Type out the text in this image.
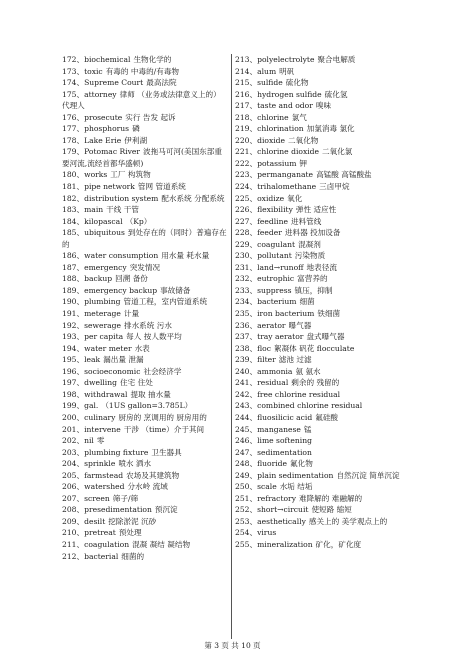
172、biochemical 生物化学的
173、toxic 有毒的 中毒的/有毒物
174、Supreme Court 最高法院
175、attorney 律师 （业务或法律意义上的）代理人
176、prosecute 实行 告发 起诉
177、phosphorus 磷
178、Lake Erie 伊利湖
179、Potomac River 波拖马可河(美国东部重要河流,流经首都华盛顿)
180、works 工厂 构筑物
181、pipe network 管网 管道系统
182、distribution system 配水系统 分配系统
183、main 干线 干管
184、kilopascal （Kp）
185、ubiquitous 到处存在的（同时）普遍存在的
186、water consumption 用水量 耗水量
187、emergency 突发情况
188、backup 回溯 备份
189、emergency backup 事故储备
190、plumbing 管道工程，室内管道系统
191、meterage 计量
192、sewerage 排水系统 污水
193、per capita 每人 按人数平均
194、water meter 水表
195、leak 漏出量 泄漏
196、socioeconomic 社会经济学
197、dwelling 住宅 住处
198、withdrawal 提取 抽水量
199、gal. （1US gallon=3.785L）
200、culinary 厨房的 烹调用的 厨房用的
201、intervene 干涉 （time）介于其间
202、nil 零
203、plumbing fixture 卫生器具
204、sprinkle 喷水 洒水
205、farmstead 农场及其建筑物
206、watershed 分水岭 流域
207、screen 筛子/筛
208、presedimentation 预沉淀
209、desilt 挖除淤泥 沉砂
210、pretreat 预处理
211、coagulation 混凝 凝结 凝结物
212、bacterial 细菌的
213、polyelectrolyte 聚合电解质
214、alum 明矾
215、sulfide 硫化物
216、hydrogen sulfide 硫化氢
217、taste and odor 嗅味
218、chlorine 氯气
219、chlorination 加氯消毒 氯化
220、dioxide 二氧化物
221、chlorine dioxide 二氧化氯
222、potassium 钾
223、permanganate 高锰酸 高锰酸盐
224、trihalomethane 三卤甲烷
225、oxidize 氧化
226、flexibility 弹性 适应性
227、feedline 进料管线
228、feeder 进料器 投加设备
229、coagulant 混凝剂
230、pollutant 污染物质
231、land→runoff 地表径流
232、eutrophic 富营养的
233、suppress 镇压，抑制
234、bacterium 细菌
235、iron bacterium 铁细菌
236、aerator 曝气器
237、tray aerator 盘式曝气器
238、floc 絮凝体 矾花 flocculate
239、filter 滤池 过滤
240、ammonia 氨 氨水
241、residual 剩余的 残留的
242、free chlorine residual
243、combined chlorine residual
244、fluosilicic acid 氟硅酸
245、manganese 锰
246、lime softening
247、sedimentation
248、fluoride 氟化物
249、plain sedimentation 自然沉淀 简单沉淀
250、scale 水垢 结垢
251、refractory 难降解的 难融解的
252、short→circuit 使短路 缩短
253、aesthetically 感关上的 美学观点上的
254、virus
255、mineralization 矿化，矿化度
第 3 页 共 10 页
